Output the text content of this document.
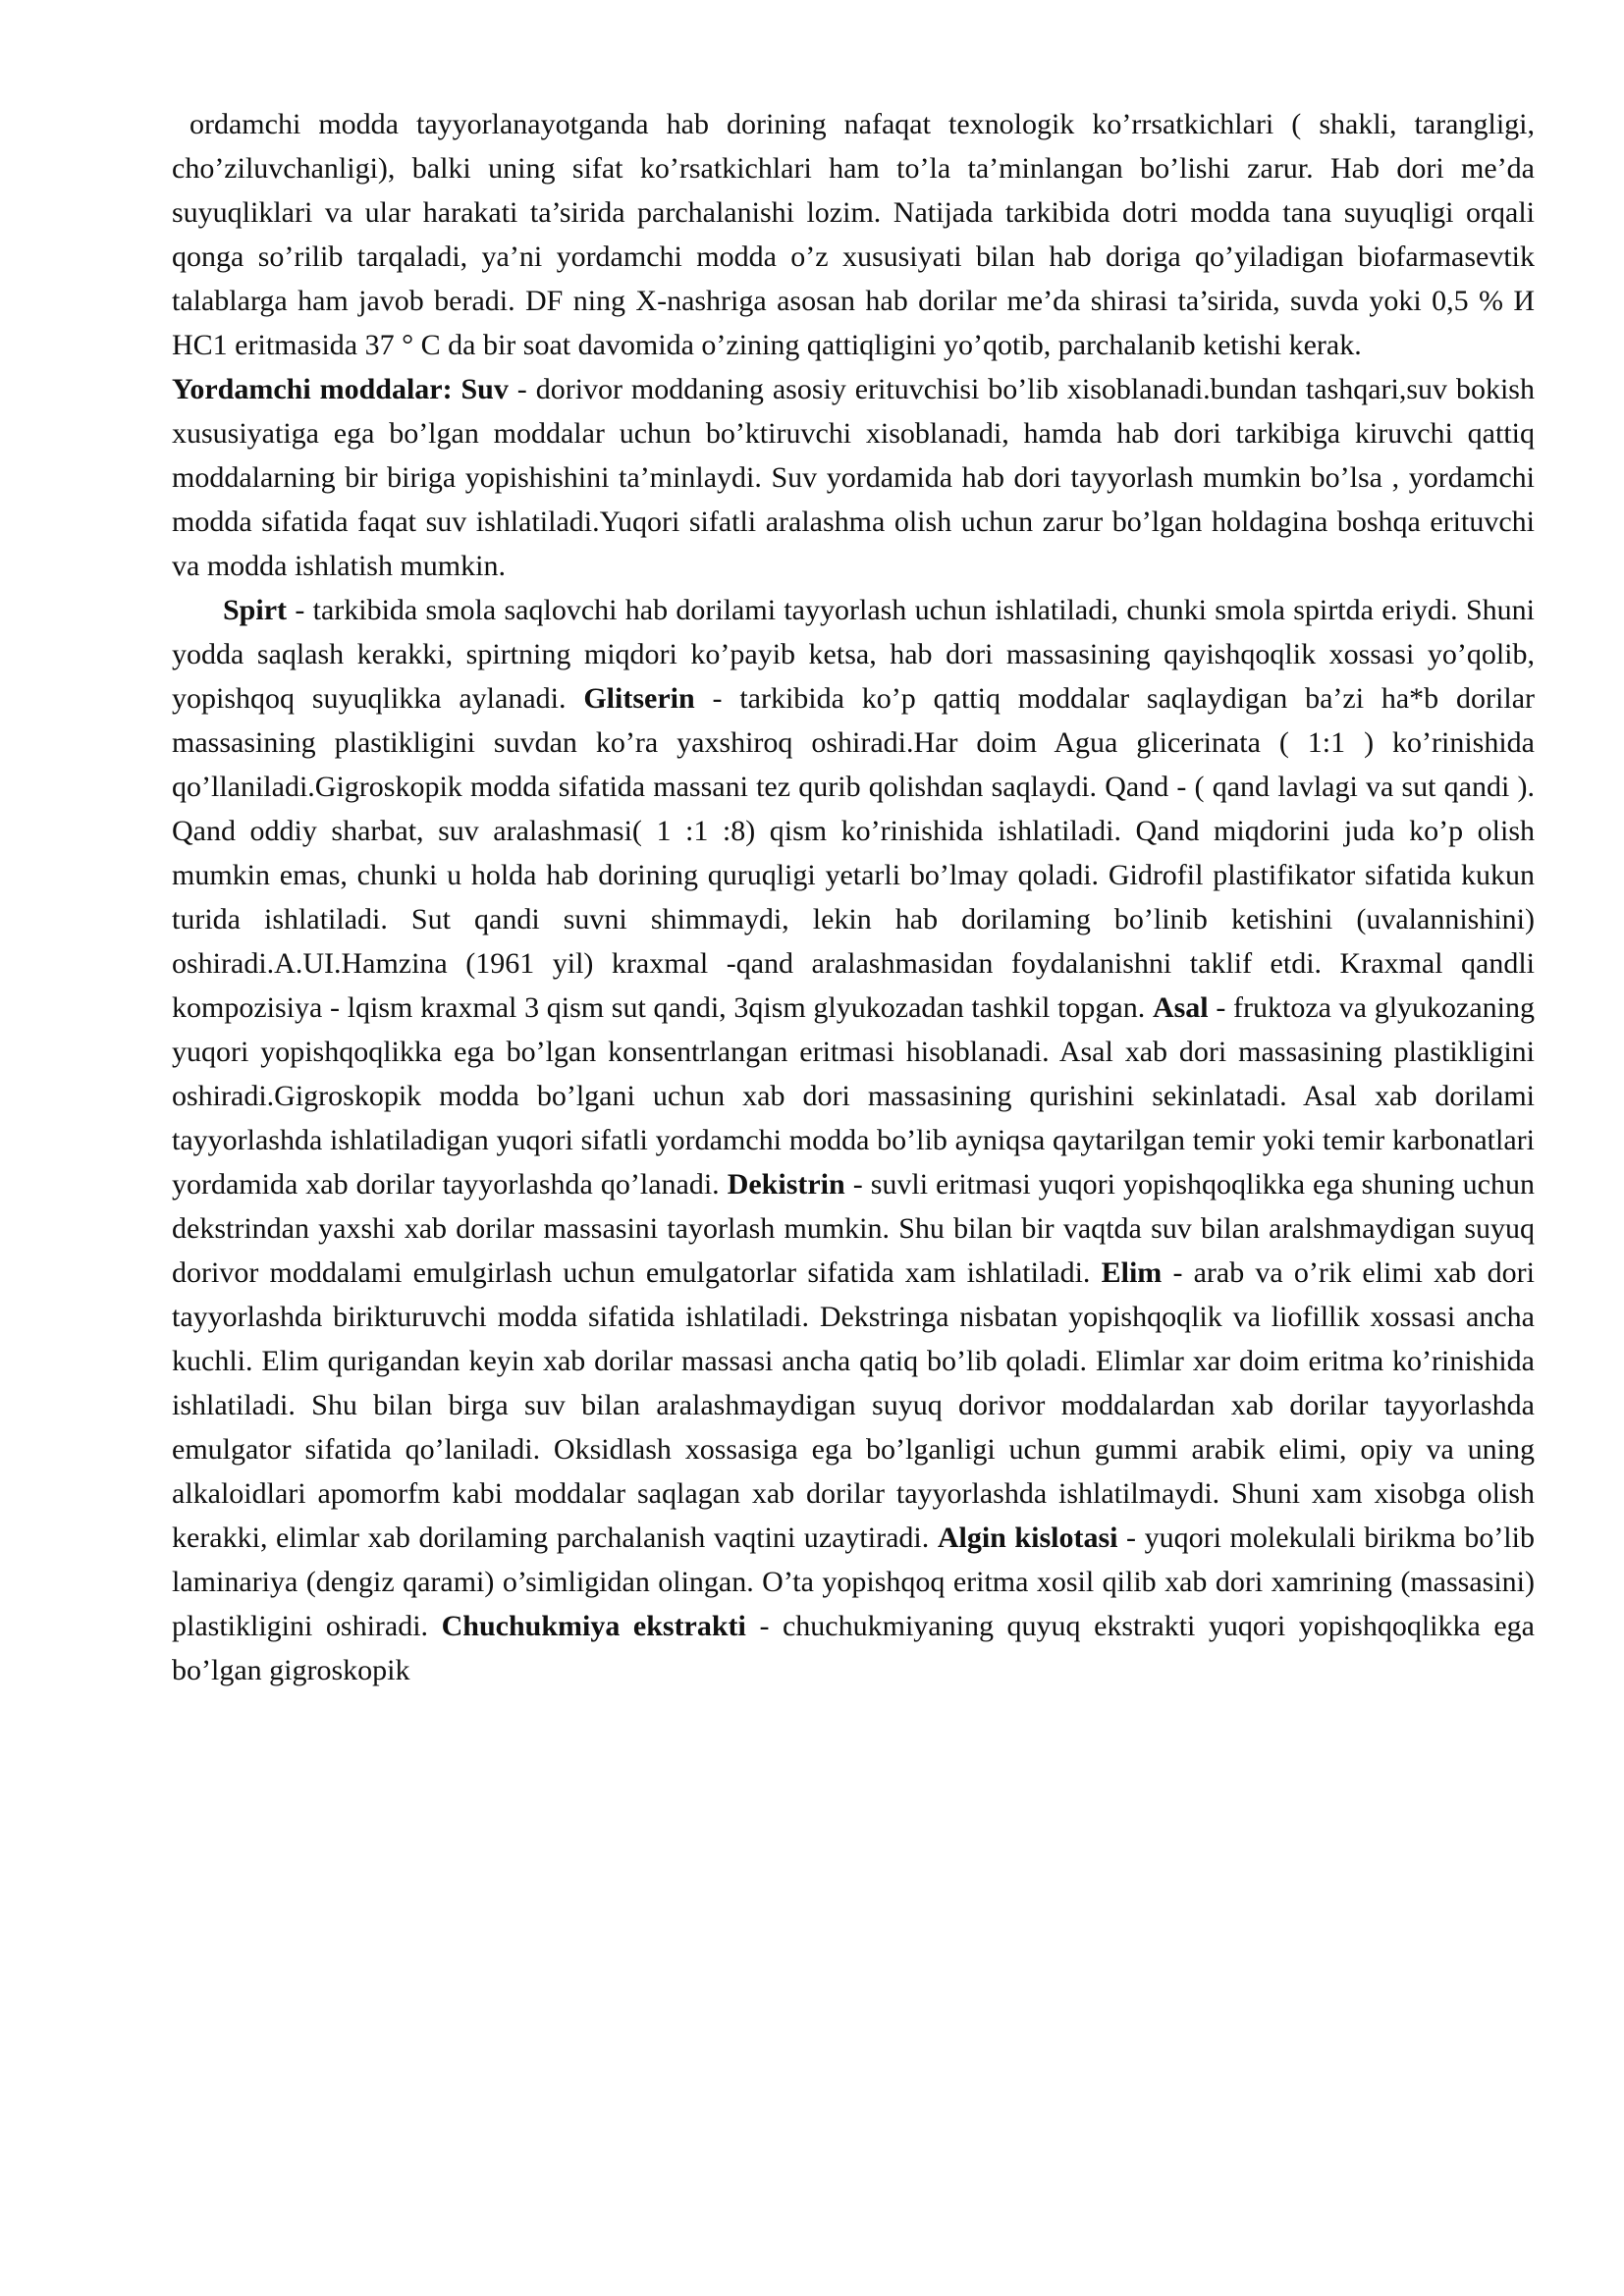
ordamchi modda tayyorlanayotganda hab dorining nafaqat texnologik ko’rrsatkichlari ( shakli, tarangligi, cho’ziluvchanligi), balki uning sifat ko’rsatkichlari ham to’la ta’minlangan bo’lishi zarur. Hab dori me’da suyuqliklari va ular harakati ta’sirida parchalanishi lozim. Natijada tarkibida dotri modda tana suyuqligi orqali qonga so’rilib tarqaladi, ya’ni yordamchi modda o’z xususiyati bilan hab doriga qo’yiladigan biofarmasevtik talablarga ham javob beradi. DF ning X-nashriga asosan hab dorilar me’da shirasi ta’sirida, suvda yoki 0,5 % И HC1 eritmasida 37 ° C da bir soat davomida o’zining qattiqligini yo’qotib, parchalanib ketishi kerak.
Yordamchi moddalar: Suv - dorivor moddaning asosiy erituvchisi bo’lib xisoblanadi.bundan tashqari,suv bokish xususiyatiga ega bo’lgan moddalar uchun bo’ktiruvchi xisoblanadi, hamda hab dori tarkibiga kiruvchi qattiq moddalarning bir biriga yopishishini ta’minlaydi. Suv yordamida hab dori tayyorlash mumkin bo’lsa , yordamchi modda sifatida faqat suv ishlatiladi.Yuqori sifatli aralashma olish uchun zarur bo’lgan holdagina boshqa erituvchi va modda ishlatish mumkin.

Spirt - tarkibida smola saqlovchi hab dorilami tayyorlash uchun ishlatiladi, chunki smola spirtda eriydi. Shuni yodda saqlash kerakki, spirtning miqdori ko’payib ketsa, hab dori massasining qayishqoqlik xossasi yo’qolib, yopishqoq suyuqlikka aylanadi. Glitserin - tarkibida ko’p qattiq moddalar saqlaydigan ba’zi ha*b dorilar massasining plastikligini suvdan ko’ra yaxshiroq oshiradi.Har doim Agua glicerinata ( 1:1 ) ko’rinishida qo’llaniladi.Gigroskopik modda sifatida massani tez qurib qolishdan saqlaydi. Qand - ( qand lavlagi va sut qandi ). Qand oddiy sharbat, suv aralashmasi( 1 :1 :8) qism ko’rinishida ishlatiladi. Qand miqdorini juda ko’p olish mumkin emas, chunki u holda hab dorining quruqligi yetarli bo’lmay qoladi. Gidrofil plastifikator sifatida kukun turida ishlatiladi. Sut qandi suvni shimmaydi, lekin hab dorilaming bo’linib ketishini (uvalannishini) oshiradi.A.UI.Hamzina (1961 yil) kraxmal -qand aralashmasidan foydalanishni taklif etdi. Kraxmal qandli kompozisiya - lqism kraxmal 3 qism sut qandi, 3qism glyukozadan tashkil topgan. Asal - fruktoza va glyukozaning yuqori yopishqoqlikka ega bo’lgan konsentrlangan eritmasi hisoblanadi. Asal xab dori massasining plastikligini oshiradi.Gigroskopik modda bo’lgani uchun xab dori massasining qurishini sekinlatadi. Asal xab dorilami tayyorlashda ishlatiladigan yuqori sifatli yordamchi modda bo’lib ayniqsa qaytarilgan temir yoki temir karbonatlari yordamida xab dorilar tayyorlashda qo’lanadi. Dekistrin - suvli eritmasi yuqori yopishqoqlikka ega shuning uchun dekstrindan yaxshi xab dorilar massasini tayorlash mumkin. Shu bilan bir vaqtda suv bilan aralshmaydigan suyuq dorivor moddalami emulgirlash uchun emulgatorlar sifatida xam ishlatiladi. Elim - arab va o’rik elimi xab dori tayyorlashda birikturuvchi modda sifatida ishlatiladi. Dekstringa nisbatan yopishqoqlik va liofillik xossasi ancha kuchli. Elim qurigandan keyin xab dorilar massasi ancha qatiq bo’lib qoladi. Elimlar xar doim eritma ko’rinishida ishlatiladi. Shu bilan birga suv bilan aralashmaydigan suyuq dorivor moddalardan xab dorilar tayyorlashda emulgator sifatida qo’laniladi. Oksidlash xossasiga ega bo’lganligi uchun gummi arabik elimi, opiy va uning alkaloidlari apomorfm kabi moddalar saqlagan xab dorilar tayyorlashda ishlatilmaydi. Shuni xam xisobga olish kerakki, elimlar xab dorilaming parchalanish vaqtini uzaytiradi. Algin kislotasi - yuqori molekulali birikma bo’lib laminariya (dengiz qarami) o’simligidan olingan. O’ta yopishqoq eritma xosil qilib xab dori xamrining (massasini) plastikligini oshiradi. Chuchukmiya ekstrakti - chuchukmiyaning quyuq ekstrakti yuqori yopishqoqlikka ega bo’lgan gigroskopik
